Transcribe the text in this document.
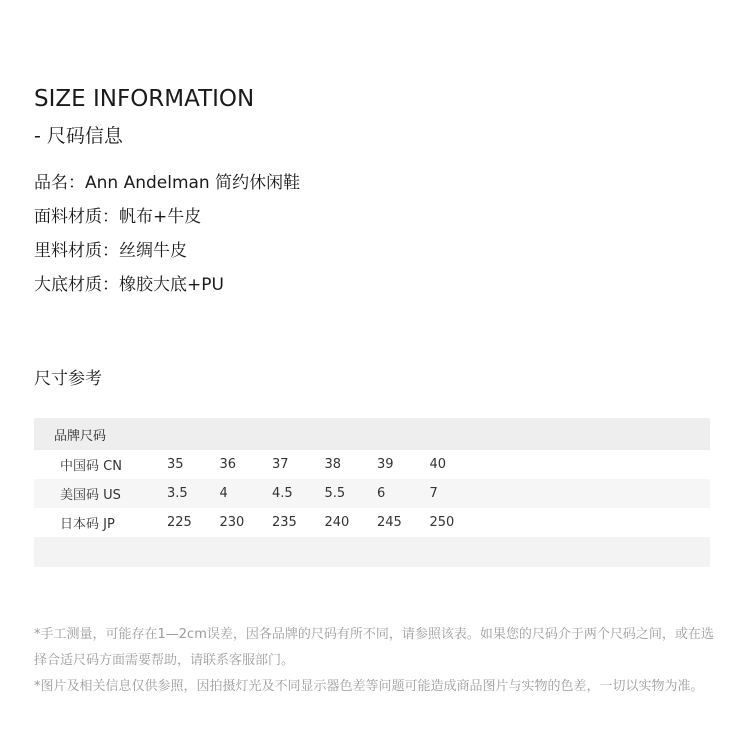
SIZE INFORMATION
- 尺码信息
品名：Ann Andelman 简约休闲鞋
面料材质：帆布+牛皮
里料材质：丝绸牛皮
大底材质：橡胶大底+PU
尺寸参考
品牌尺码
中国码 CN	35	36	37	38	39	40
美国码 US	3.5	4	4.5	5.5	6	7
日本码 JP	225	230	235	240	245	250

*手工测量，可能存在1—2cm误差，因各品牌的尺码有所不同，请参照该表。如果您的尺码介于两个尺码之间，或在选择合适尺码方面需要帮助，请联系客服部门。

*图片及相关信息仅供参照，因拍摄灯光及不同显示器色差等问题可能造成商品图片与实物的色差，一切以实物为准。
